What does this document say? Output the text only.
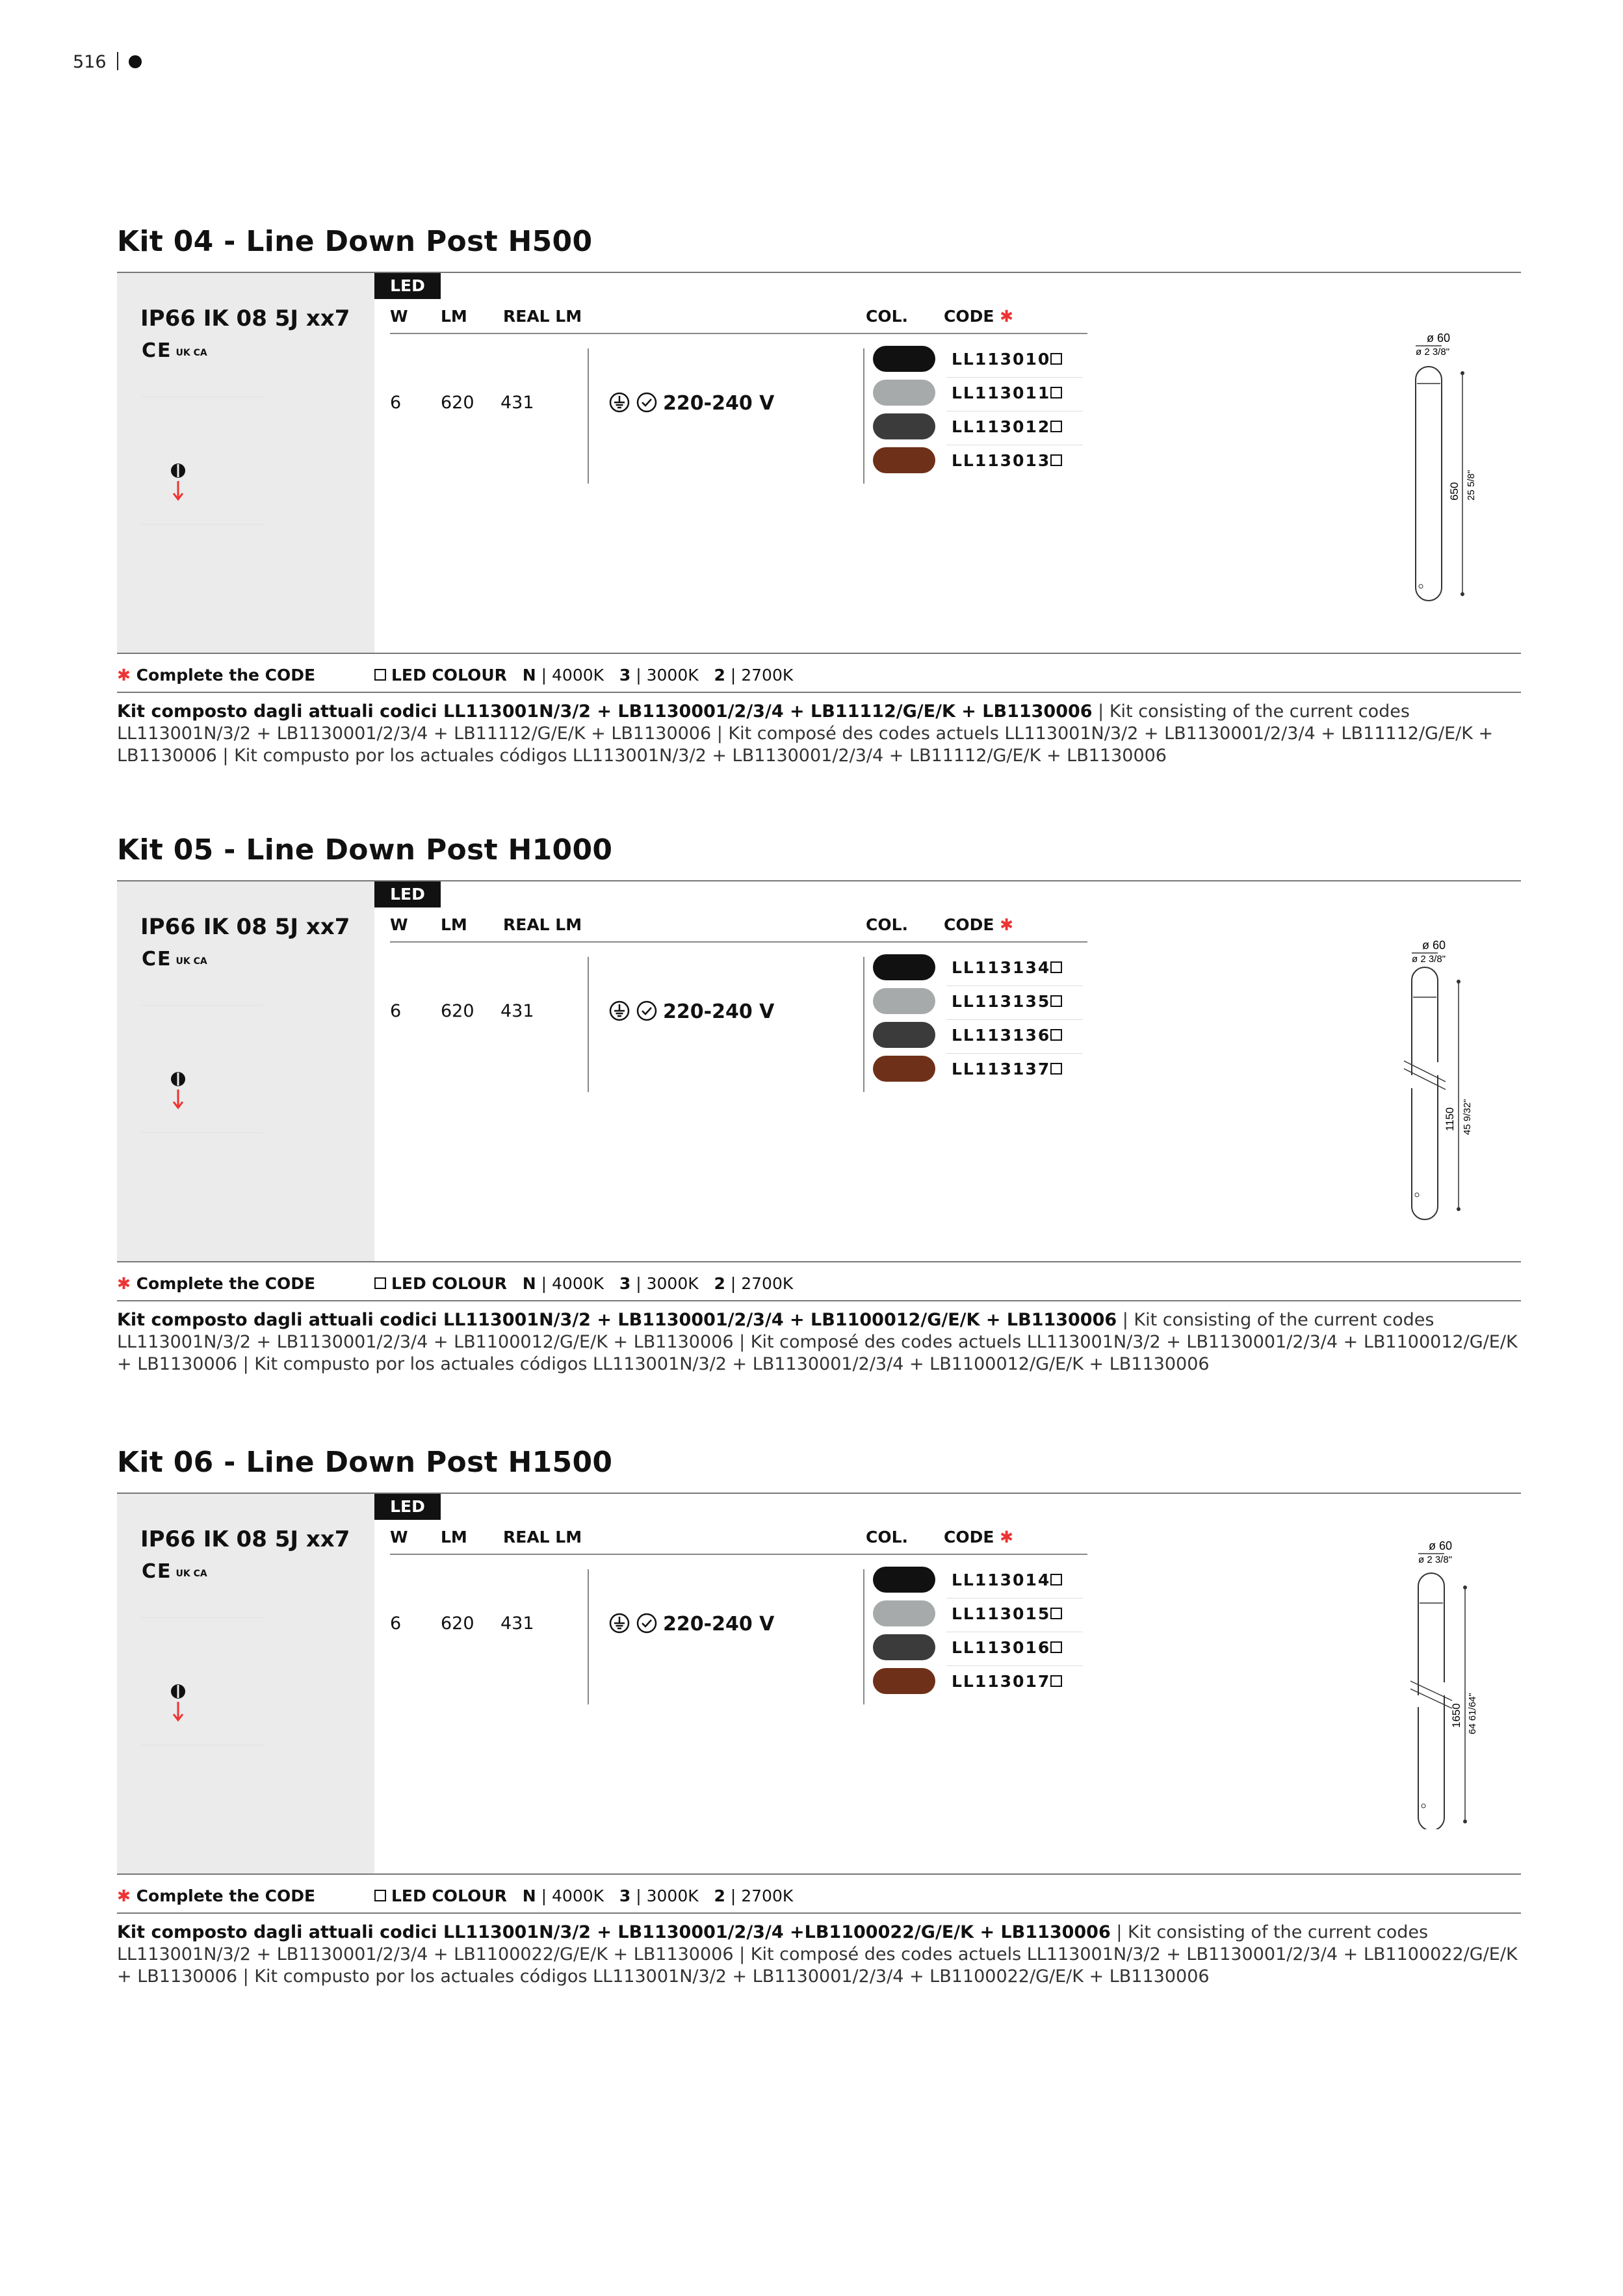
516
Kit 04 - Line Down Post H500
IP66 IK 08 5J xx7
CE UK CA
LED
W LM REAL LM	COL. CODE ✱
6 620 431	220-240 V
LL113010
LL113011
LL113012
LL113013
ø 60
ø 2 3/8"
650 25 5/8"
✱ Complete the CODE	LED COLOUR N | 4000K 3 | 3000K 2 | 2700K
Kit composto dagli attuali codici LL113001N/3/2 + LB1130001/2/3/4 + LB11112/G/E/K + LB1130006 | Kit consisting of the current codes LL113001N/3/2 + LB1130001/2/3/4 + LB11112/G/E/K + LB1130006 | Kit composé des codes actuels LL113001N/3/2 + LB1130001/2/3/4 + LB11112/G/E/K + LB1130006 | Kit compusto por los actuales códigos LL113001N/3/2 + LB1130001/2/3/4 + LB11112/G/E/K + LB1130006
Kit 05 - Line Down Post H1000
IP66 IK 08 5J xx7
CE UK CA
LED
W LM REAL LM	COL. CODE ✱
6 620 431	220-240 V
LL113134
LL113135
LL113136
LL113137
ø 60
ø 2 3/8"
1150 45 9/32"
✱ Complete the CODE	LED COLOUR N | 4000K 3 | 3000K 2 | 2700K
Kit composto dagli attuali codici LL113001N/3/2 + LB1130001/2/3/4 + LB1100012/G/E/K + LB1130006 | Kit consisting of the current codes LL113001N/3/2 + LB1130001/2/3/4 + LB1100012/G/E/K + LB1130006 | Kit composé des codes actuels LL113001N/3/2 + LB1130001/2/3/4 + LB1100012/G/E/K + LB1130006 | Kit compusto por los actuales códigos LL113001N/3/2 + LB1130001/2/3/4 + LB1100012/G/E/K + LB1130006
Kit 06 - Line Down Post H1500
IP66 IK 08 5J xx7
CE UK CA
LED
W LM REAL LM	COL. CODE ✱
6 620 431	220-240 V
LL113014
LL113015
LL113016
LL113017
ø 60
ø 2 3/8"
1650 64 61/64"
✱ Complete the CODE	LED COLOUR N | 4000K 3 | 3000K 2 | 2700K
Kit composto dagli attuali codici LL113001N/3/2 + LB1130001/2/3/4 +LB1100022/G/E/K + LB1130006 | Kit consisting of the current codes LL113001N/3/2 + LB1130001/2/3/4 + LB1100022/G/E/K + LB1130006 | Kit composé des codes actuels LL113001N/3/2 + LB1130001/2/3/4 + LB1100022/G/E/K + LB1130006 | Kit compusto por los actuales códigos LL113001N/3/2 + LB1130001/2/3/4 + LB1100022/G/E/K + LB1130006
